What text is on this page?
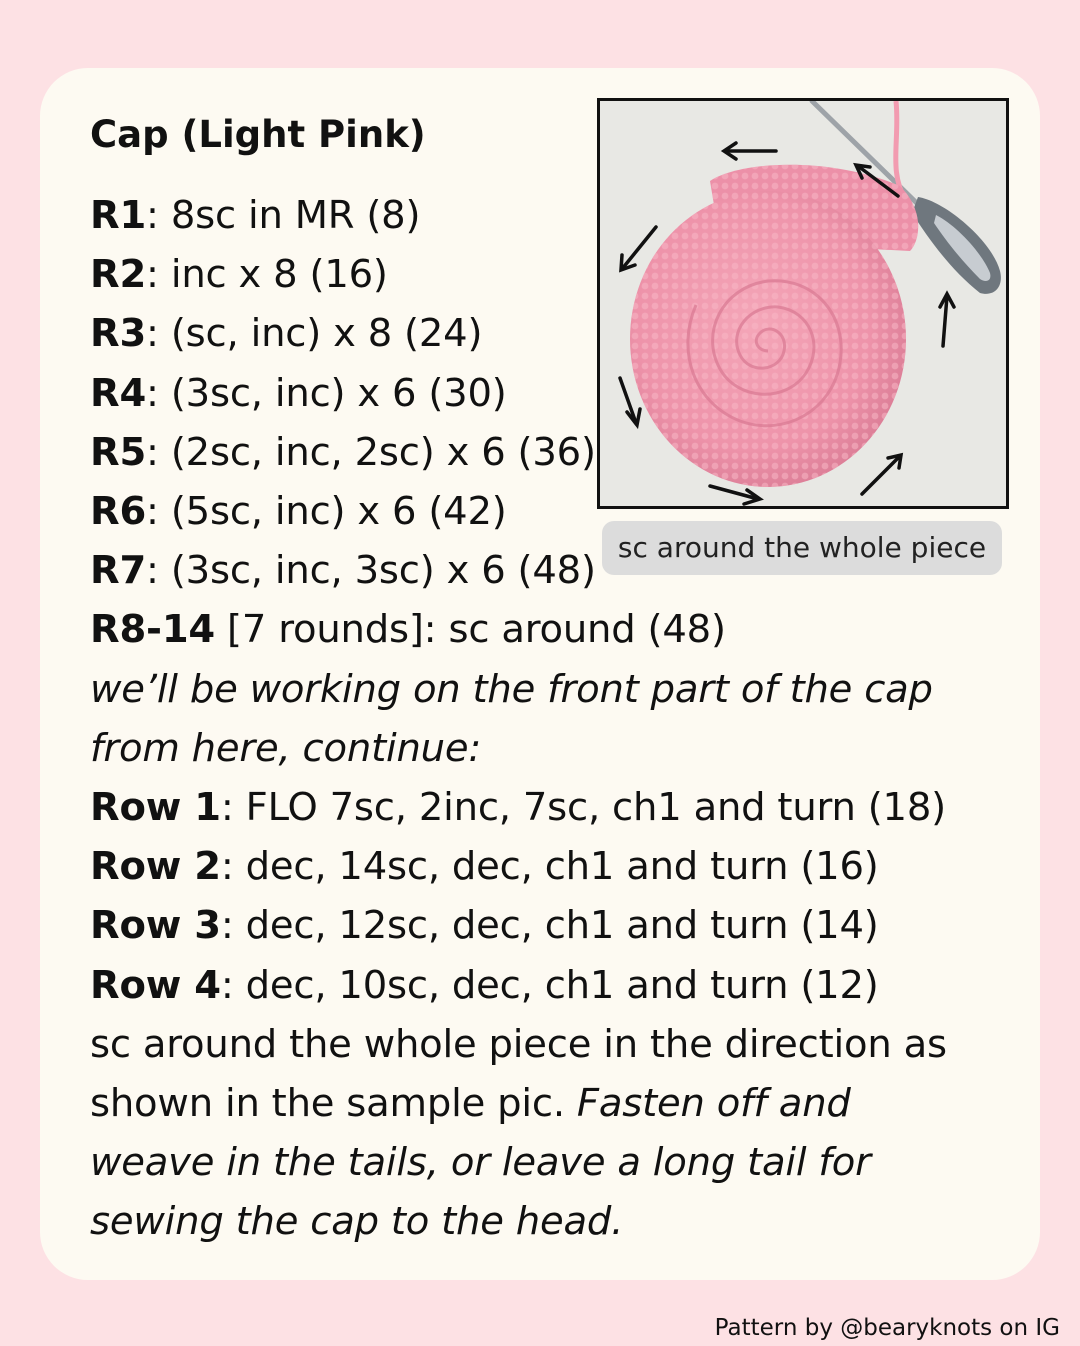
Cap (Light Pink)
R1: 8sc in MR (8)
R2: inc x 8 (16)
R3: (sc, inc) x 8 (24)
R4: (3sc, inc) x 6 (30)
R5: (2sc, inc, 2sc) x 6 (36)
R6: (5sc, inc) x 6 (42)
R7: (3sc, inc, 3sc) x 6 (48)
R8-14 [7 rounds]: sc around (48)
we’ll be working on the front part of the cap
from here, continue:
Row 1: FLO 7sc, 2inc, 7sc, ch1 and turn (18)
Row 2: dec, 14sc, dec, ch1 and turn (16)
Row 3: dec, 12sc, dec, ch1 and turn (14)
Row 4: dec, 10sc, dec, ch1 and turn (12)
sc around the whole piece in the direction as
shown in the sample pic. Fasten off and
weave in the tails, or leave a long tail for
sewing the cap to the head.
sc around the whole piece
Pattern by @bearyknots on IG
